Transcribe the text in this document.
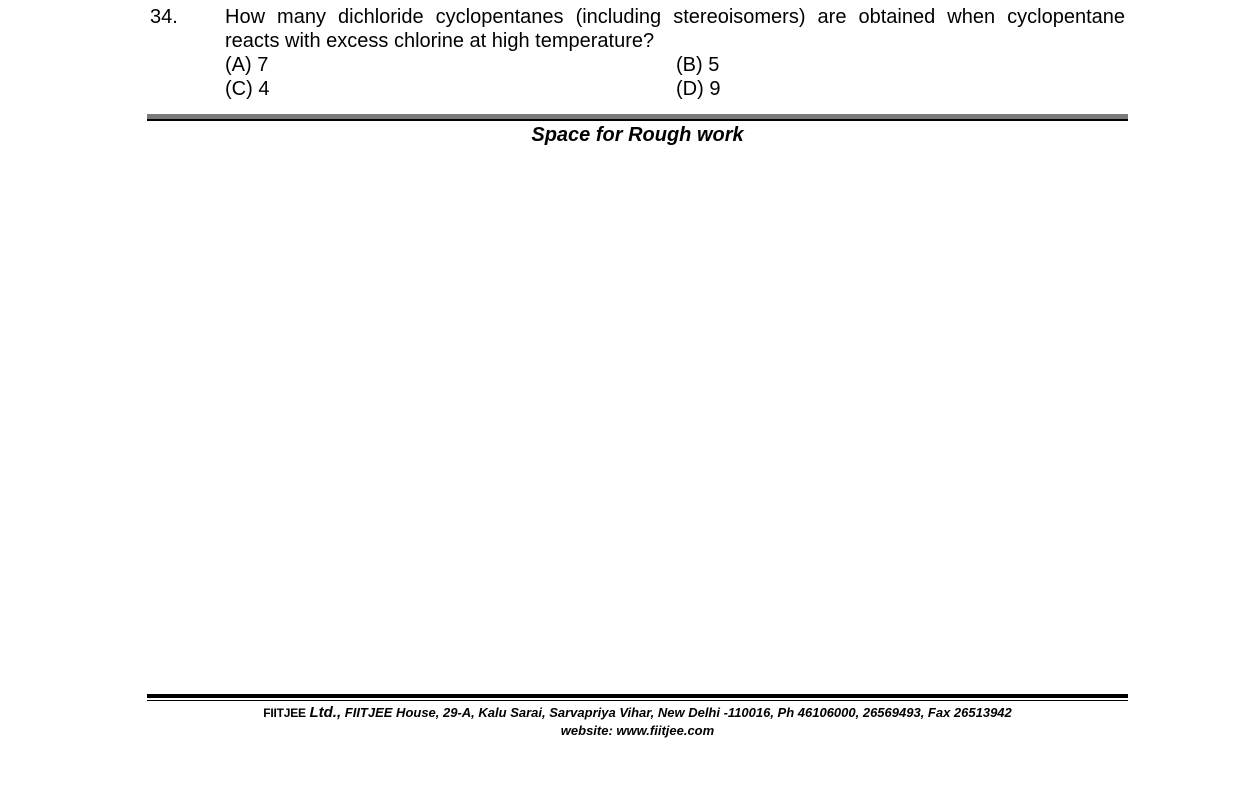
34. How many dichloride cyclopentanes (including stereoisomers) are obtained when cyclopentane reacts with excess chlorine at high temperature?
(A) 7	(B) 5
(C) 4	(D) 9
Space for Rough work
FIITJEE Ltd., FIITJEE House, 29-A, Kalu Sarai, Sarvapriya Vihar, New Delhi -110016, Ph 46106000, 26569493, Fax 26513942
website: www.fiitjee.com
